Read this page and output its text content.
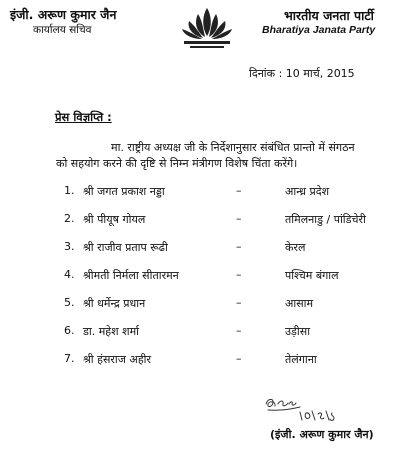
इंजी. अरूण कुमार जैन
कार्यालय सचिव
भारतीय जनता पार्टी
Bharatiya Janata Party
दिनांक : 10 मार्च, 2015
प्रेस विज्ञप्ति :
मा. राष्ट्रीय अध्यक्ष जी के निर्देशानुसार संबंधित प्रान्तो में संगठन
को सहयोग करने की दृष्टि से निम्न मंत्रीगण विशेष चिंता करेंगे।
1. श्री जगत प्रकाश नड्डा	–	आन्ध्र प्रदेश
2. श्री पीयूष गोयल	–	तमिलनाडु / पांडिचेरी
3. श्री राजीव प्रताप रूढी	–	केरल
4. श्रीमती निर्मला सीतारमन	–	पश्चिम बंगाल
5. श्री धर्मेन्द्र प्रधान	–	आसाम
6. डा. महेश शर्मा	–	उड़ीसा
7. श्री हंसराज अहीर	–	तेलंगाना
(इंजी. अरूण कुमार जैन)
